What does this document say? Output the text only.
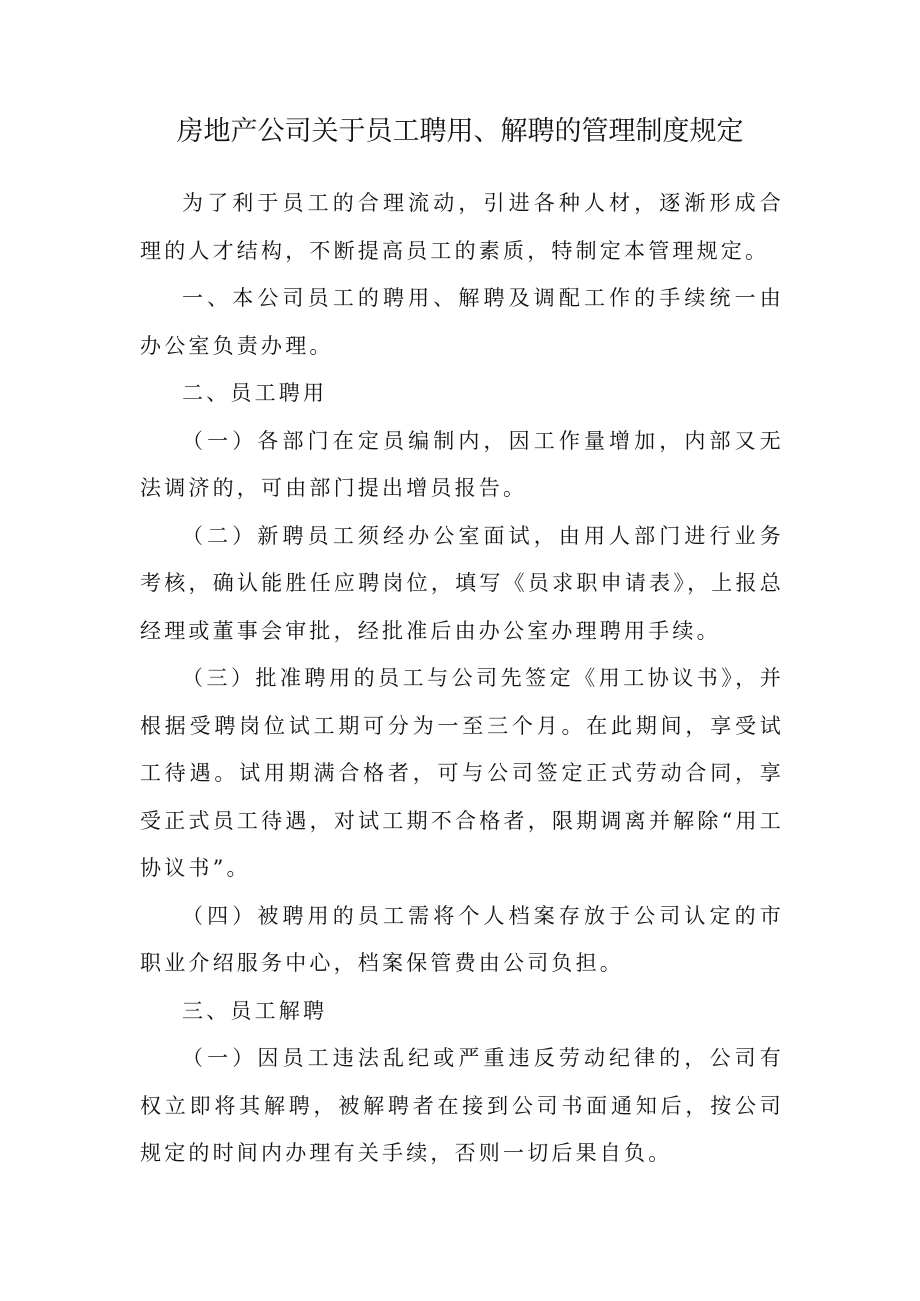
房地产公司关于员工聘用、解聘的管理制度规定

为了利于员工的合理流动，引进各种人材，逐渐形成合理的人才结构，不断提高员工的素质，特制定本管理规定。

一、本公司员工的聘用、解聘及调配工作的手续统一由办公室负责办理。

二、员工聘用

（一）各部门在定员编制内，因工作量增加，内部又无法调济的，可由部门提出增员报告。

（二）新聘员工须经办公室面试，由用人部门进行业务考核，确认能胜任应聘岗位，填写《员求职申请表》，上报总经理或董事会审批，经批准后由办公室办理聘用手续。

（三）批准聘用的员工与公司先签定《用工协议书》，并根据受聘岗位试工期可分为一至三个月。在此期间，享受试工待遇。试用期满合格者，可与公司签定正式劳动合同，享受正式员工待遇，对试工期不合格者，限期调离并解除“用工协议书”。

（四）被聘用的员工需将个人档案存放于公司认定的市职业介绍服务中心，档案保管费由公司负担。

三、员工解聘

（一）因员工违法乱纪或严重违反劳动纪律的，公司有权立即将其解聘，被解聘者在接到公司书面通知后，按公司规定的时间内办理有关手续，否则一切后果自负。
